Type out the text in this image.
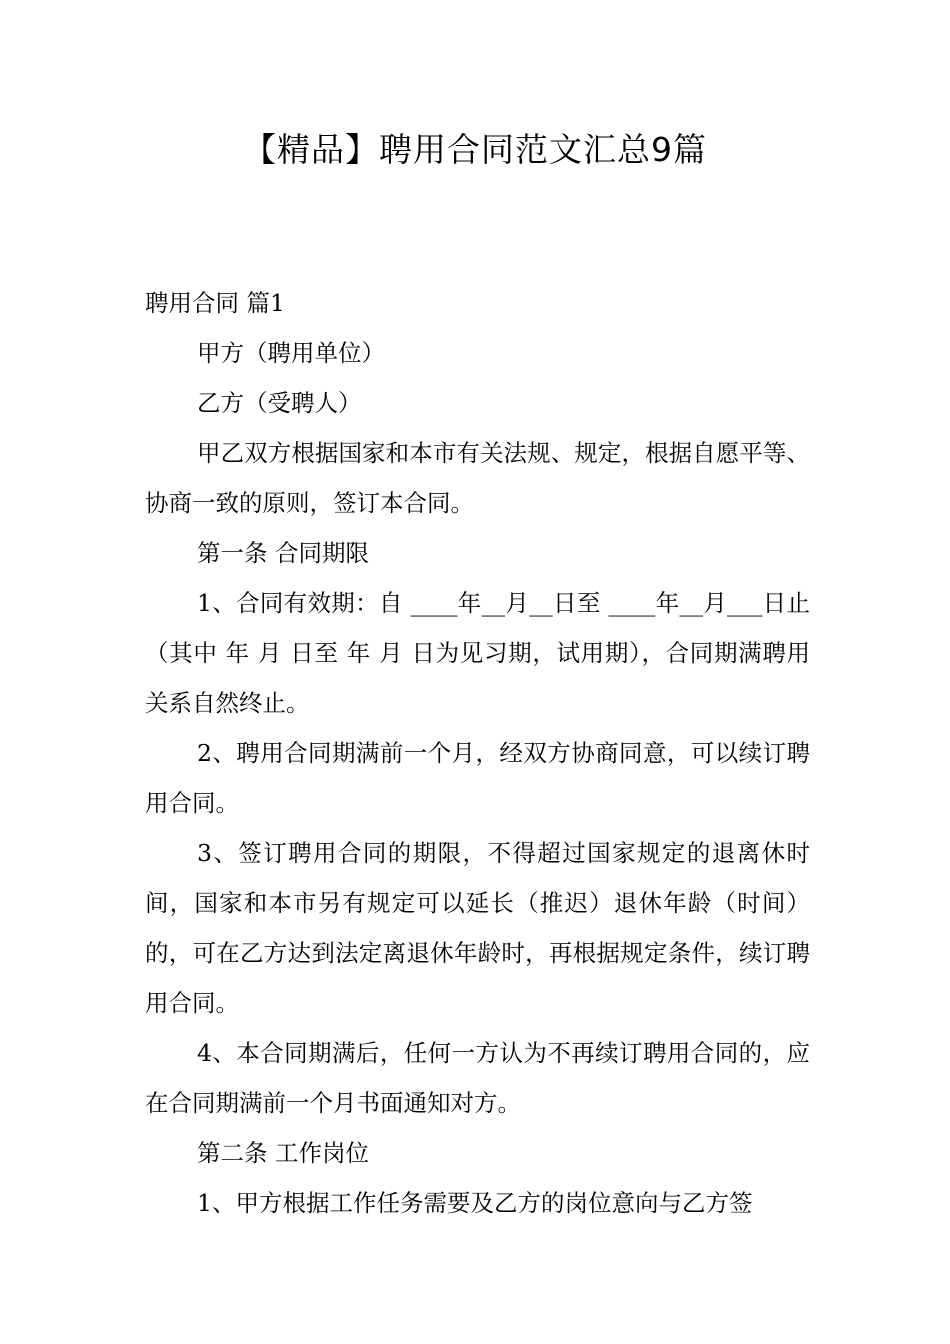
【精品】聘用合同范文汇总9篇

聘用合同 篇1

甲方（聘用单位）

乙方（受聘人）

甲乙双方根据国家和本市有关法规、规定，根据自愿平等、协商一致的原则，签订本合同。

第一条 合同期限

1、合同有效期：自 ____年__月__日至 ____年__月___日止（其中 年 月 日至 年 月 日为见习期，试用期），合同期满聘用关系自然终止。

2、聘用合同期满前一个月，经双方协商同意，可以续订聘用合同。

3、签订聘用合同的期限，不得超过国家规定的退离休时间，国家和本市另有规定可以延长（推迟）退休年龄（时间）的，可在乙方达到法定离退休年龄时，再根据规定条件，续订聘用合同。

4、本合同期满后，任何一方认为不再续订聘用合同的，应在合同期满前一个月书面通知对方。

第二条 工作岗位

1、甲方根据工作任务需要及乙方的岗位意向与乙方签
